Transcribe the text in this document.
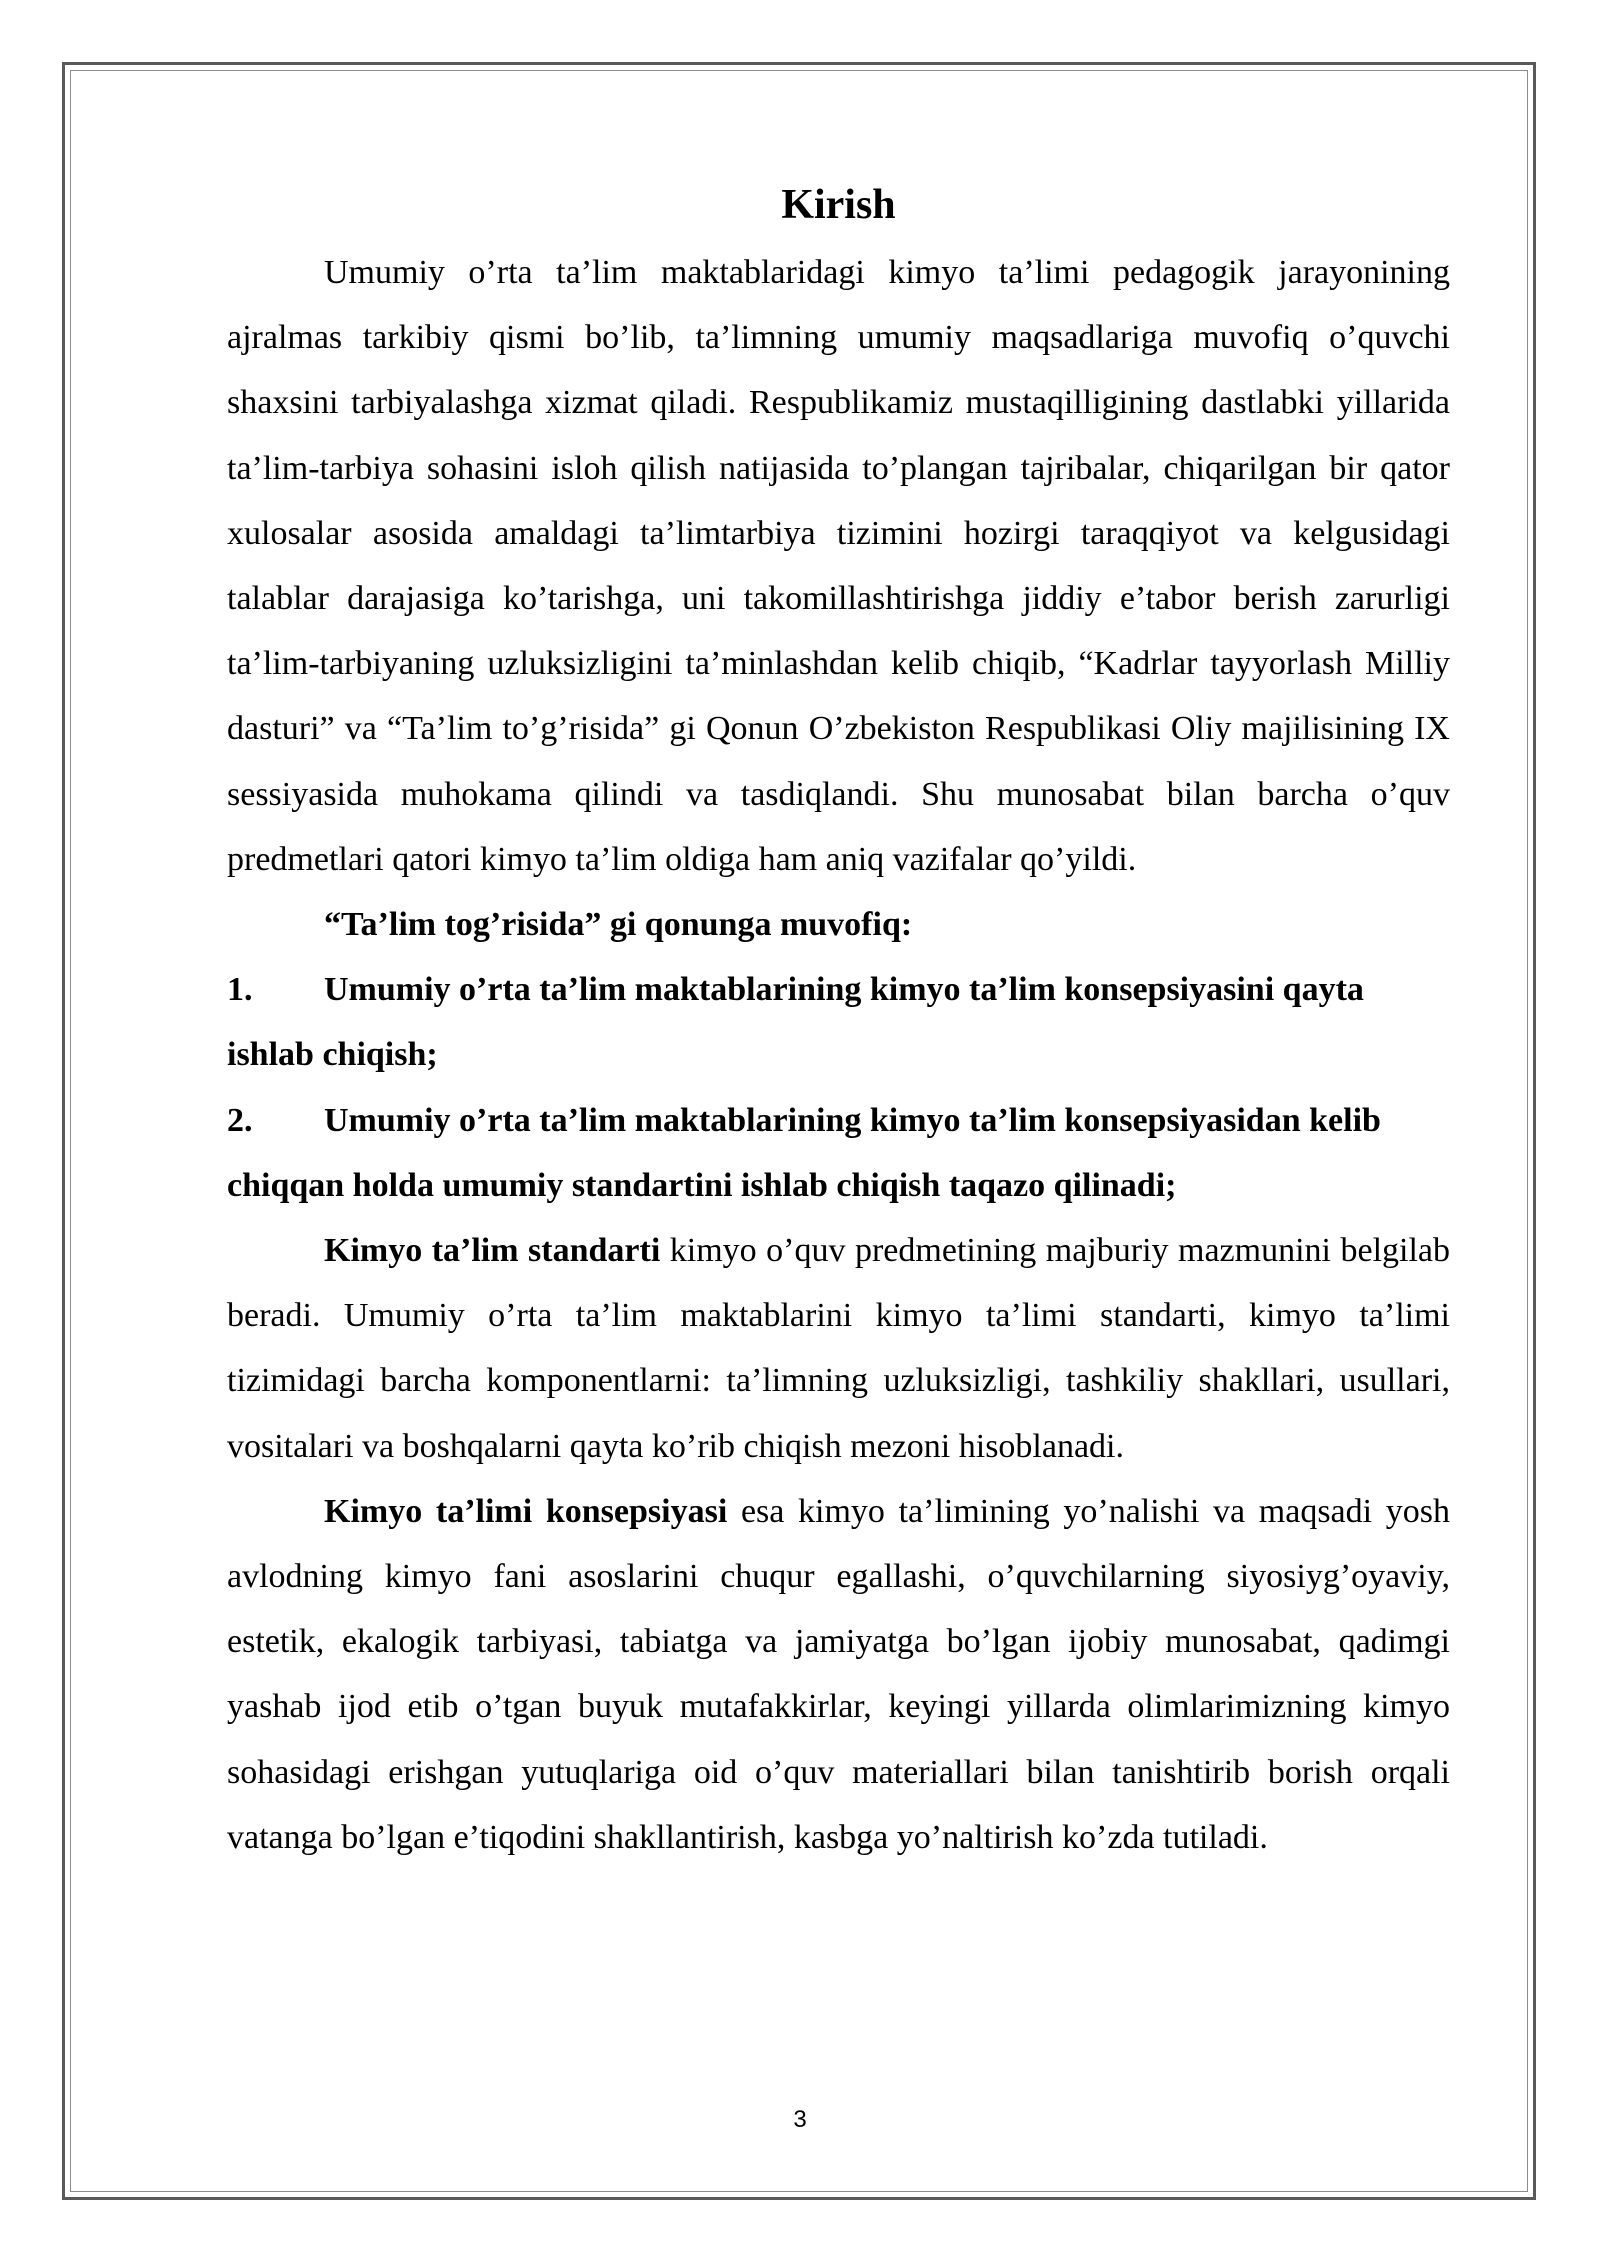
Kirish

Umumiy o’rta ta’lim maktablaridagi kimyo ta’limi pedagogik jarayonining ajralmas tarkibiy qismi bo’lib, ta’limning umumiy maqsadlariga muvofiq o’quvchi shaxsini tarbiyalashga xizmat qiladi. Respublikamiz mustaqilligining dastlabki yillarida ta’lim-tarbiya sohasini isloh qilish natijasida to’plangan tajribalar, chiqarilgan bir qator xulosalar asosida amaldagi ta’limtarbiya tizimini hozirgi taraqqiyot va kelgusidagi talablar darajasiga ko’tarishga, uni takomillashtirishga jiddiy e’tabor berish zarurligi ta’lim-tarbiyaning uzluksizligini ta’minlashdan kelib chiqib, “Kadrlar tayyorlash Milliy dasturi” va “Ta’lim to’g’risida” gi Qonun O’zbekiston Respublikasi Oliy majilisining IX sessiyasida muhokama qilindi va tasdiqlandi. Shu munosabat bilan barcha o’quv predmetlari qatori kimyo ta’lim oldiga ham aniq vazifalar qo’yildi.

“Ta’lim tog’risida” gi qonunga muvofiq:

1. Umumiy o’rta ta’lim maktablarining kimyo ta’lim konsepsiyasini qayta ishlab chiqish;
2. Umumiy o’rta ta’lim maktablarining kimyo ta’lim konsepsiyasidan kelib chiqqan holda umumiy standartini ishlab chiqish taqazo qilinadi;

Kimyo ta’lim standarti kimyo o’quv predmetining majburiy mazmunini belgilab beradi. Umumiy o’rta ta’lim maktablarini kimyo ta’limi standarti, kimyo ta’limi tizimidagi barcha komponentlarni: ta’limning uzluksizligi, tashkiliy shakllari, usullari, vositalari va boshqalarni qayta ko’rib chiqish mezoni hisoblanadi.

Kimyo ta’limi konsepsiyasi esa kimyo ta’limining yo’nalishi va maqsadi yosh avlodning kimyo fani asoslarini chuqur egallashi, o’quvchilarning siyosiyg’oyaviy, estetik, ekalogik tarbiyasi, tabiatga va jamiyatga bo’lgan ijobiy munosabat, qadimgi yashab ijod etib o’tgan buyuk mutafakkirlar, keyingi yillarda olimlarimizning kimyo sohasidagi erishgan yutuqlariga oid o’quv materiallari bilan tanishtirib borish orqali vatanga bo’lgan e’tiqodini shakllantirish, kasbga yo’naltirish ko’zda tutiladi.

3
